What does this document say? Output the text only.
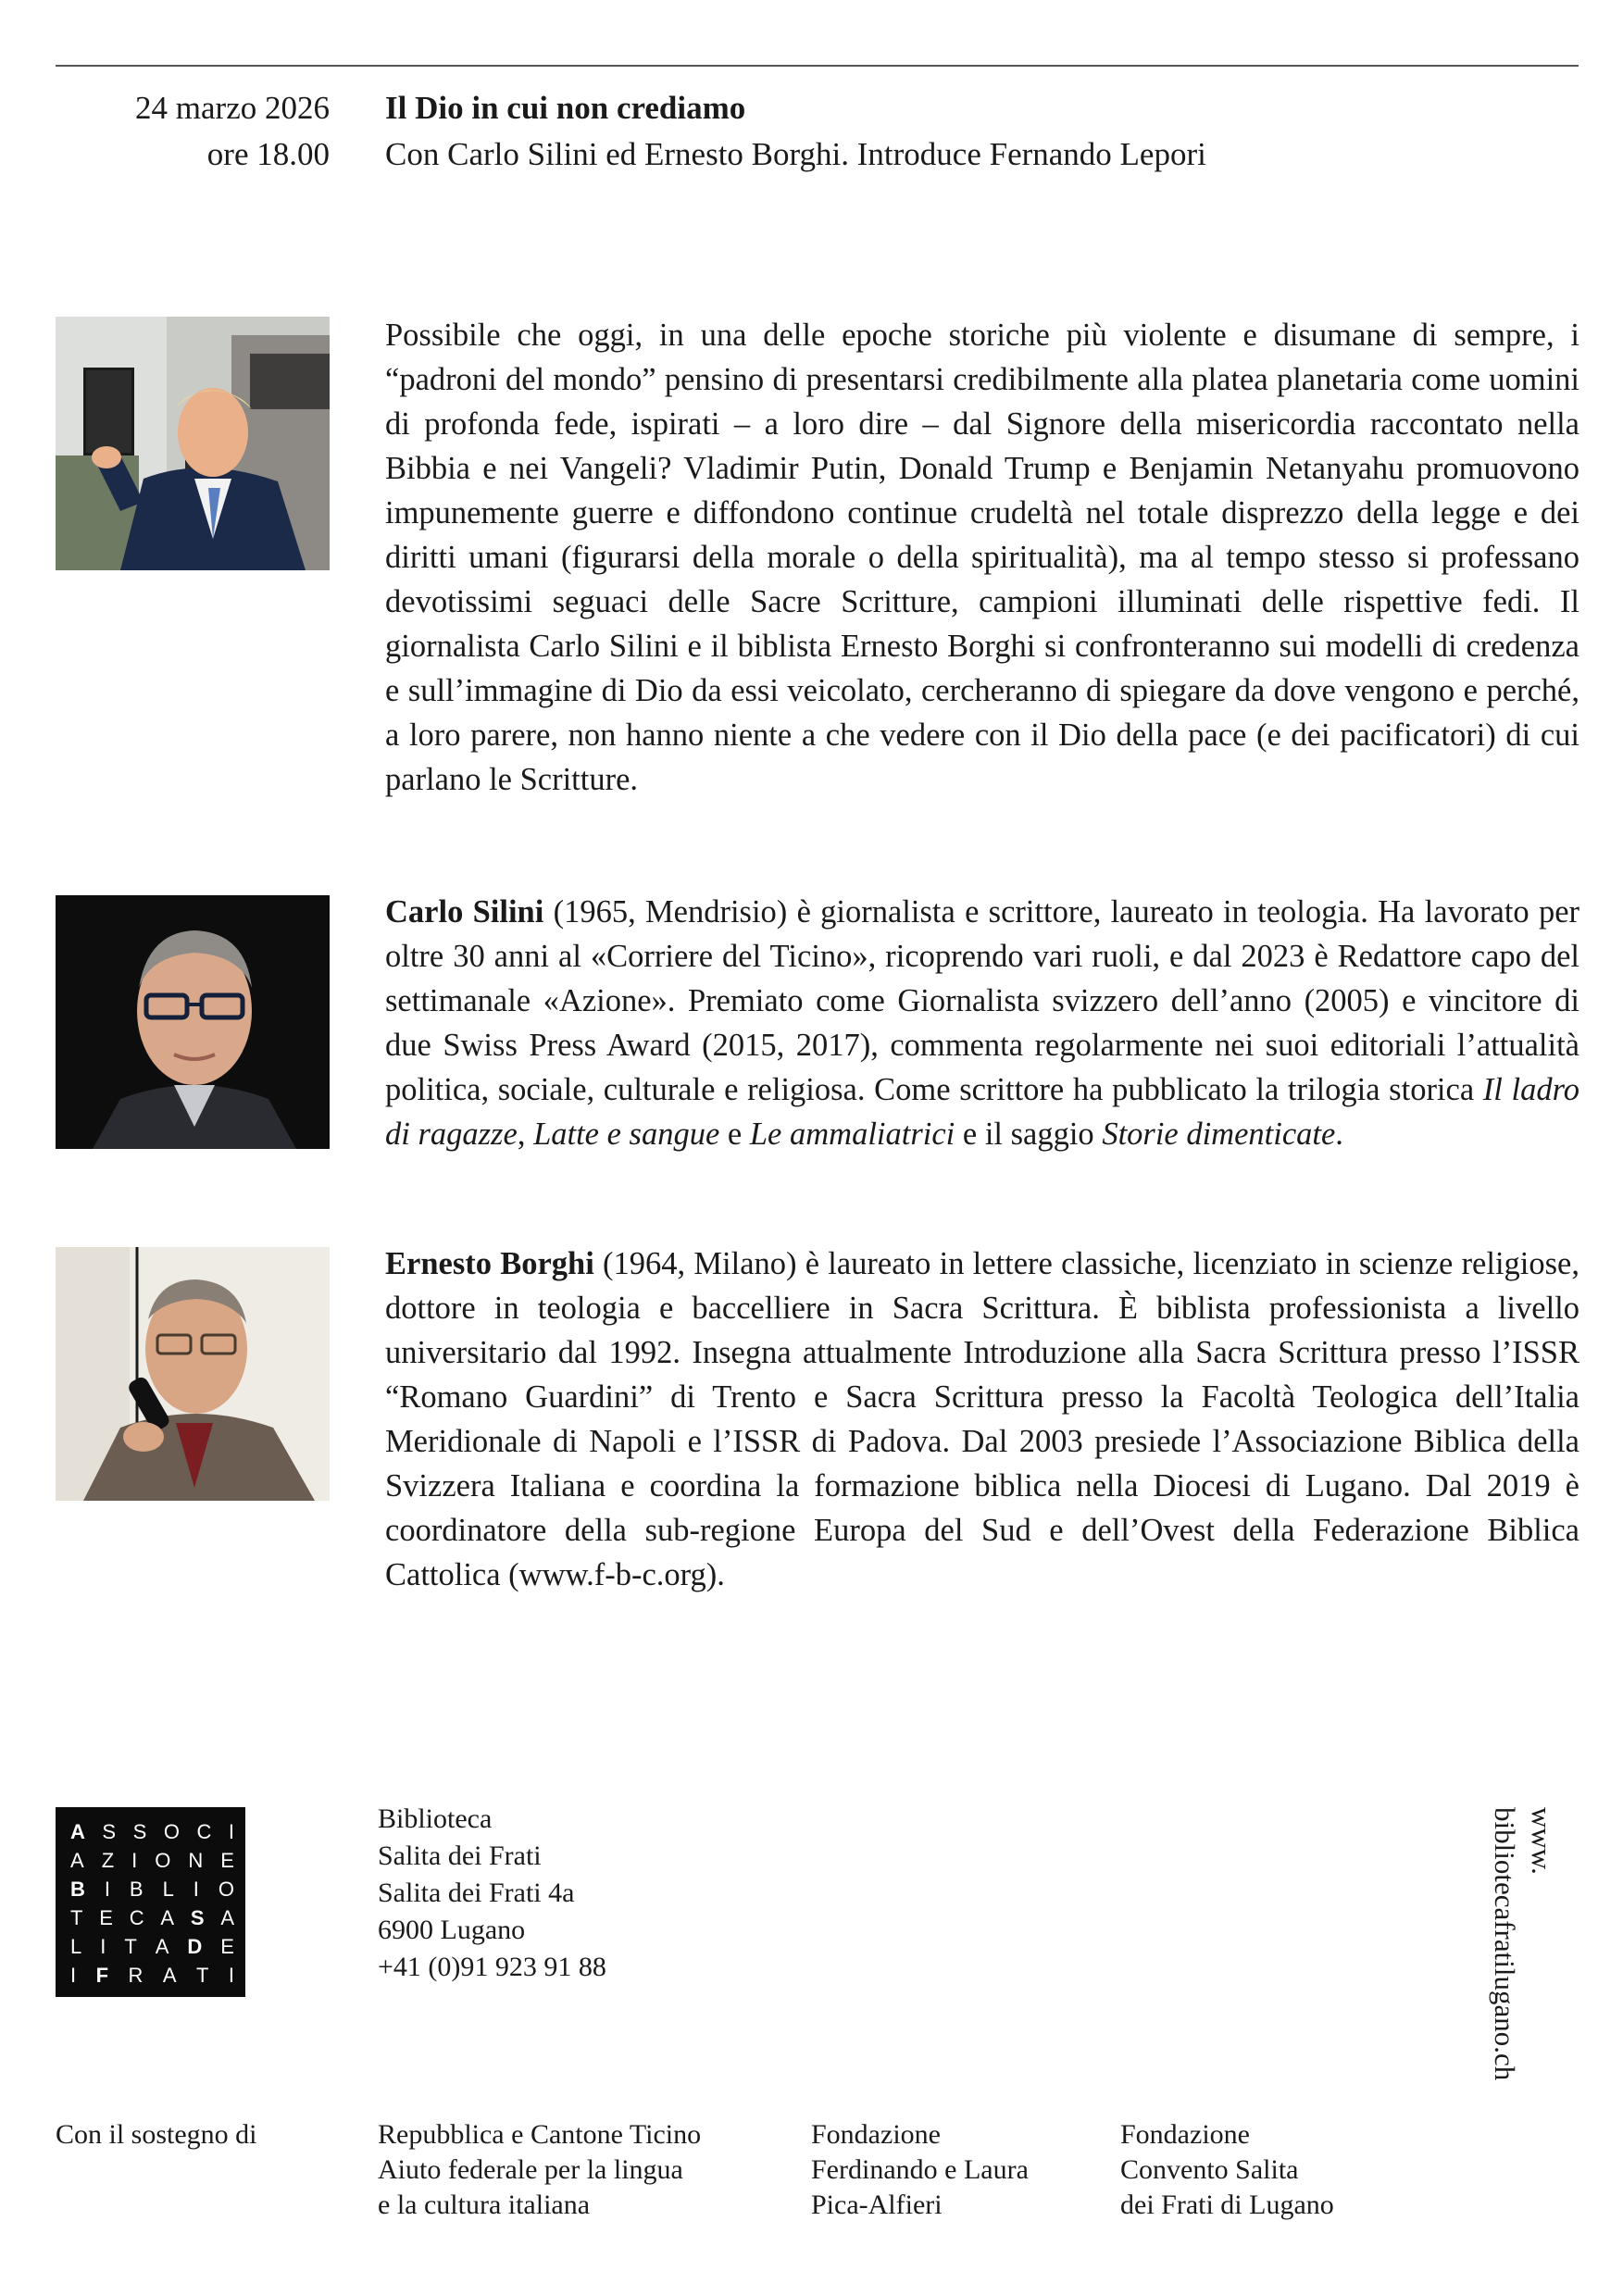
24 marzo 2026
ore 18.00
Il Dio in cui non crediamo
Con Carlo Silini ed Ernesto Borghi. Introduce Fernando Lepori

Possibile che oggi, in una delle epoche storiche più violente e disumane di sempre, i “padroni del mondo” pensino di presentarsi credibilmente alla platea planetaria come uomini di profonda fede, ispirati – a loro dire – dal Signore della misericordia raccontato nella Bibbia e nei Vangeli? Vladimir Putin, Donald Trump e Benjamin Netanyahu promuovono impunemente guerre e diffondono continue crudeltà nel totale disprezzo della legge e dei diritti umani (figurarsi della morale o della spiritualità), ma al tempo stesso si professano devotissimi seguaci delle Sacre Scritture, campioni illuminati delle rispettive fedi. Il giornalista Carlo Silini e il biblista Ernesto Borghi si confronteranno sui modelli di credenza e sull’immagine di Dio da essi veicolato, cercheranno di spiegare da dove vengono e perché, a loro parere, non hanno niente a che vedere con il Dio della pace (e dei pacificatori) di cui parlano le Scritture.

Carlo Silini (1965, Mendrisio) è giornalista e scrittore, laureato in teologia. Ha lavorato per oltre 30 anni al «Corriere del Ticino», ricoprendo vari ruoli, e dal 2023 è Redattore capo del settimanale «Azione». Premiato come Giornalista svizzero dell’anno (2005) e vincitore di due Swiss Press Award (2015, 2017), commenta regolarmente nei suoi editoriali l’attualità politica, sociale, culturale e religiosa. Come scrittore ha pubblicato la trilogia storica Il ladro di ragazze, Latte e sangue e Le ammaliatrici e il saggio Storie dimenticate.

Ernesto Borghi (1964, Milano) è laureato in lettere classiche, licenziato in scienze religiose, dottore in teologia e baccelliere in Sacra Scrittura. È biblista professionista a livello universitario dal 1992. Insegna attualmente Introduzione alla Sacra Scrittura presso l’ISSR “Romano Guardini” di Trento e Sacra Scrittura presso la Facoltà Teologica dell’Italia Meridionale di Napoli e l’ISSR di Padova. Dal 2003 presiede l’Associazione Biblica della Svizzera Italiana e coordina la formazione biblica nella Diocesi di Lugano. Dal 2019 è coordinatore della sub-regione Europa del Sud e dell’Ovest della Federazione Biblica Cattolica (www.f-b-c.org).

A S S O C I
A Z I O N E
B I B L I O
T E C A S A
L I T A D E
I F R A T I
Biblioteca
Salita dei Frati
Salita dei Frati 4a
6900 Lugano
+41 (0)91 923 91 88
www.
bibliotecafratilugano.ch
Con il sostegno di	Repubblica e Cantone Ticino
Aiuto federale per la lingua
e la cultura italiana
Fondazione
Ferdinando e Laura
Pica-Alfieri
Fondazione
Convento Salita
dei Frati di Lugano
